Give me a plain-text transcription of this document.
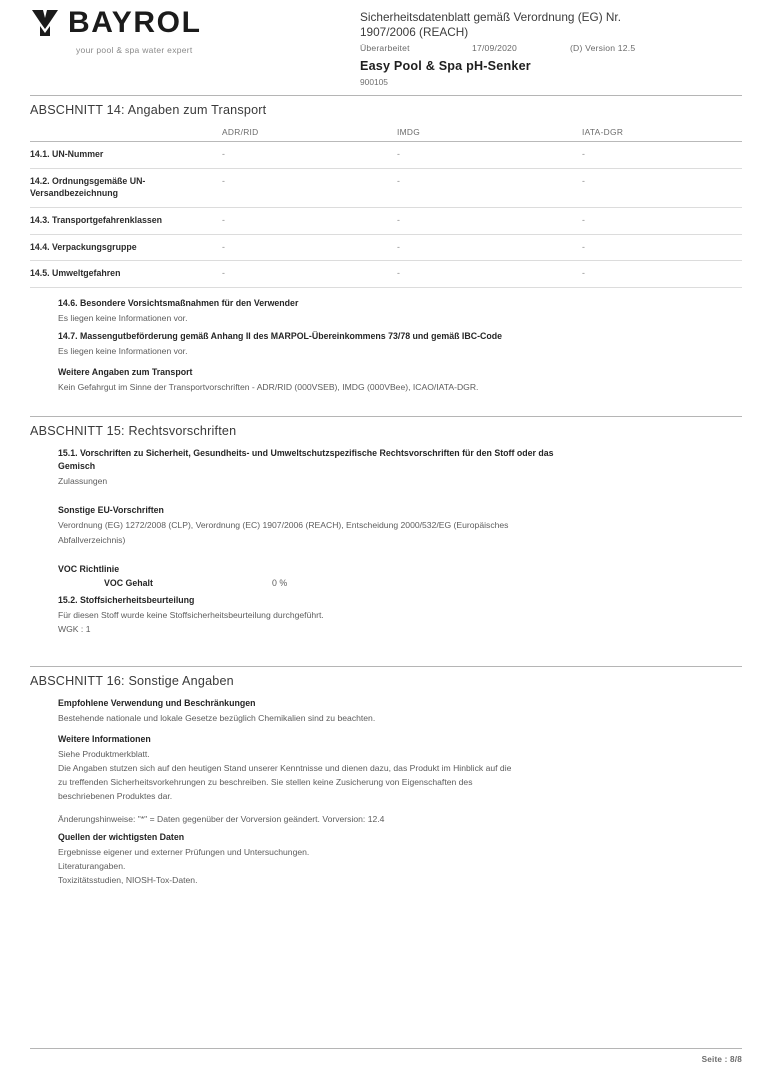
BAYROL
your pool & spa water expert
Sicherheitsdatenblatt gemäß Verordnung (EG) Nr.
1907/2006 (REACH)
Überarbeitet	17/09/2020	(D) Version 12.5
Easy Pool & Spa pH-Senker
900105
ABSCHNITT 14: Angaben zum Transport
	ADR/RID	IMDG	IATA-DGR
14.1. UN-Nummer	-	-	-
14.2. Ordnungsgemäße UN-Versandbezeichnung	-	-	-
14.3. Transportgefahrenklassen	-	-	-
14.4. Verpackungsgruppe	-	-	-
14.5. Umweltgefahren	-	-	-
14.6. Besondere Vorsichtsmaßnahmen für den Verwender

Es liegen keine Informationen vor.

14.7. Massengutbeförderung gemäß Anhang II des MARPOL-Übereinkommens 73/78 und gemäß IBC-Code

Es liegen keine Informationen vor.

Weitere Angaben zum Transport

Kein Gefahrgut im Sinne der Transportvorschriften - ADR/RID (000VSEB), IMDG (000VBee), ICAO/IATA-DGR.

ABSCHNITT 15: Rechtsvorschriften
15.1. Vorschriften zu Sicherheit, Gesundheits- und Umweltschutzspezifische Rechtsvorschriften für den Stoff oder das
Gemisch

Zulassungen

Sonstige EU-Vorschriften

Verordnung (EG) 1272/2008 (CLP), Verordnung (EC) 1907/2006 (REACH), Entscheidung 2000/532/EG (Europäisches

Abfallverzeichnis)

VOC Richtlinie
VOC Gehalt	0 %
15.2. Stoffsicherheitsbeurteilung

Für diesen Stoff wurde keine Stoffsicherheitsbeurteilung durchgeführt.

WGK : 1

ABSCHNITT 16: Sonstige Angaben
Empfohlene Verwendung und Beschränkungen

Bestehende nationale und lokale Gesetze bezüglich Chemikalien sind zu beachten.

Weitere Informationen

Siehe Produktmerkblatt.

Die Angaben stutzen sich auf den heutigen Stand unserer Kenntnisse und dienen dazu, das Produkt im Hinblick auf die

zu treffenden Sicherheitsvorkehrungen zu beschreiben. Sie stellen keine Zusicherung von Eigenschaften des

beschriebenen Produktes dar.

Änderungshinweise: "*" = Daten gegenüber der Vorversion geändert. Vorversion: 12.4

Quellen der wichtigsten Daten

Ergebnisse eigener und externer Prüfungen und Untersuchungen.

Literaturangaben.

Toxizitätsstudien, NIOSH-Tox-Daten.

Seite : 8/8
